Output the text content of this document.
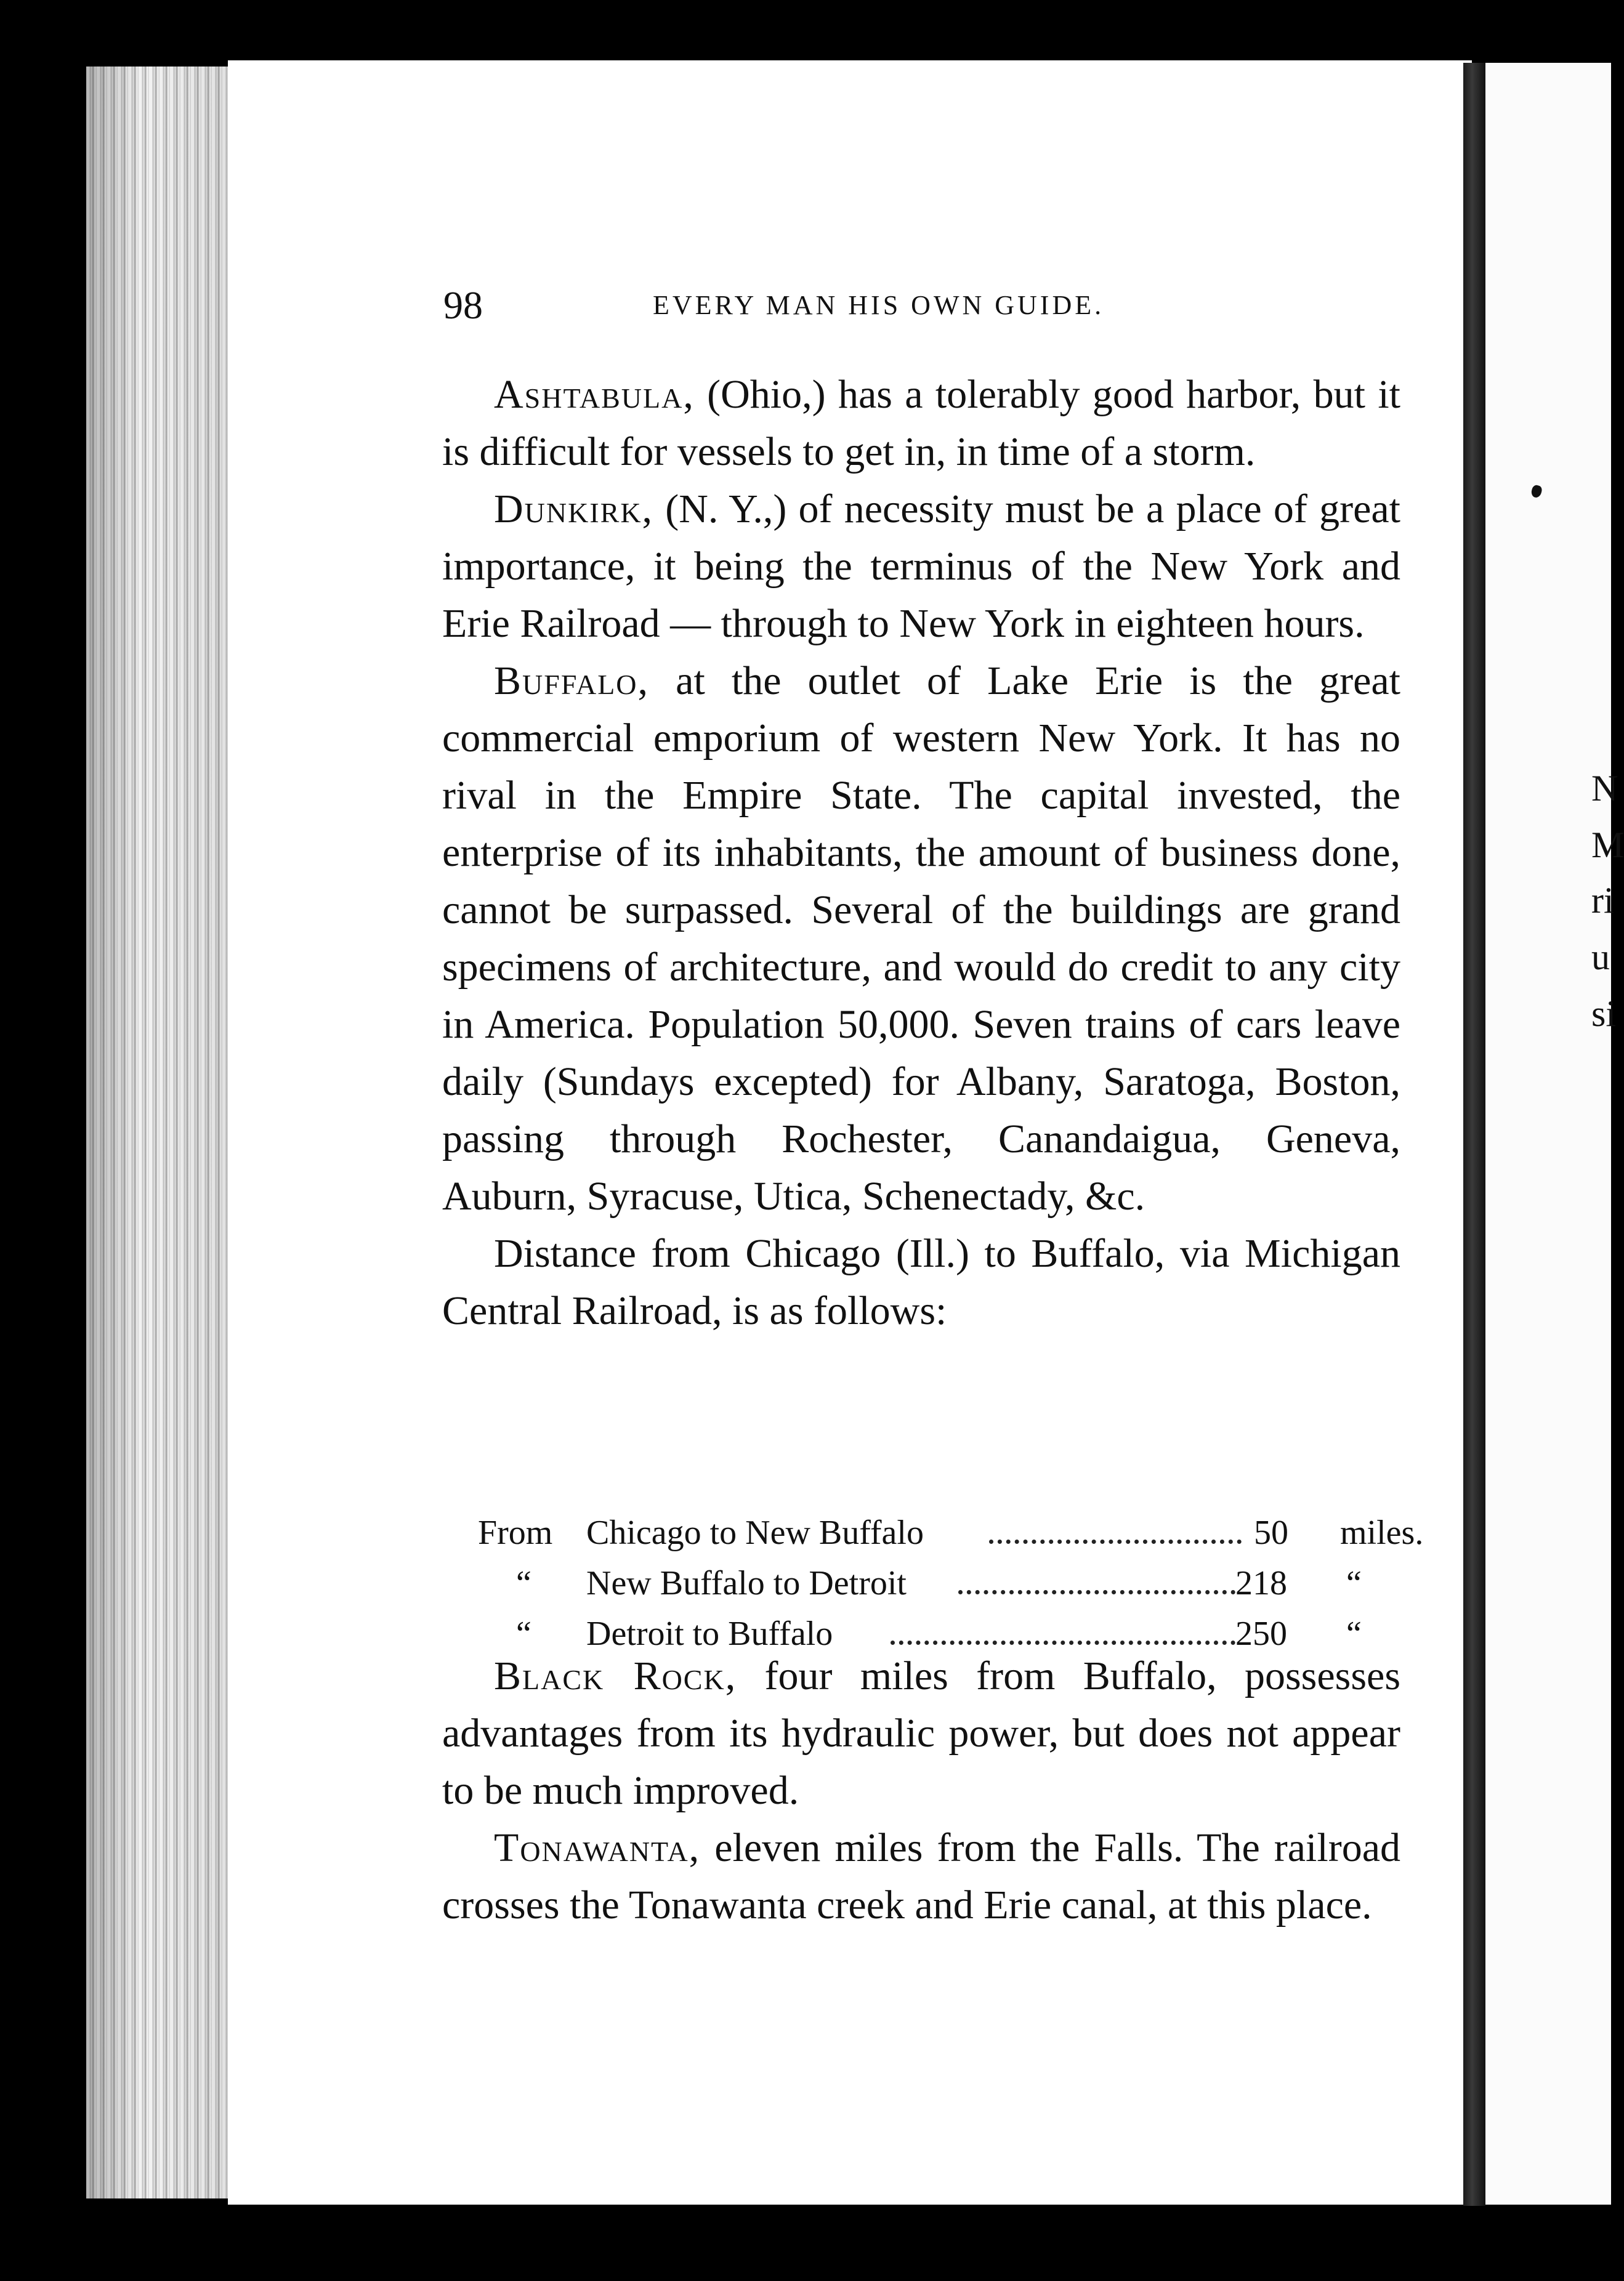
N
M
ri
u
si
98	EVERY MAN HIS OWN GUIDE.

Ashtabula, (Ohio,) has a tolerably good harbor, but it is difficult for vessels to get in, in time of a storm.

Dunkirk, (N. Y.,) of necessity must be a place of great importance, it being the terminus of the New York and Erie Railroad — through to New York in eighteen hours.

Buffalo, at the outlet of Lake Erie is the great commercial emporium of western New York. It has no rival in the Empire State. The capital invested, the enterprise of its inhabitants, the amount of business done, cannot be surpassed. Several of the buildings are grand specimens of architecture, and would do credit to any city in America. Population 50,000. Seven trains of cars leave daily (Sundays excepted) for Albany, Saratoga, Boston, passing through Rochester, Canandaigua, Geneva, Auburn, Syracuse, Utica, Schenectady, &c.

Distance from Chicago (Ill.) to Buffalo, via Michigan Central Railroad, is as follows:

From Chicago to New Buffalo	50 miles.
“ New Buffalo to Detroit	218 “
“ Detroit to Buffalo	250 “

Black Rock, four miles from Buffalo, possesses advantages from its hydraulic power, but does not appear to be much improved.

Tonawanta, eleven miles from the Falls. The railroad crosses the Tonawanta creek and Erie canal, at this place.
